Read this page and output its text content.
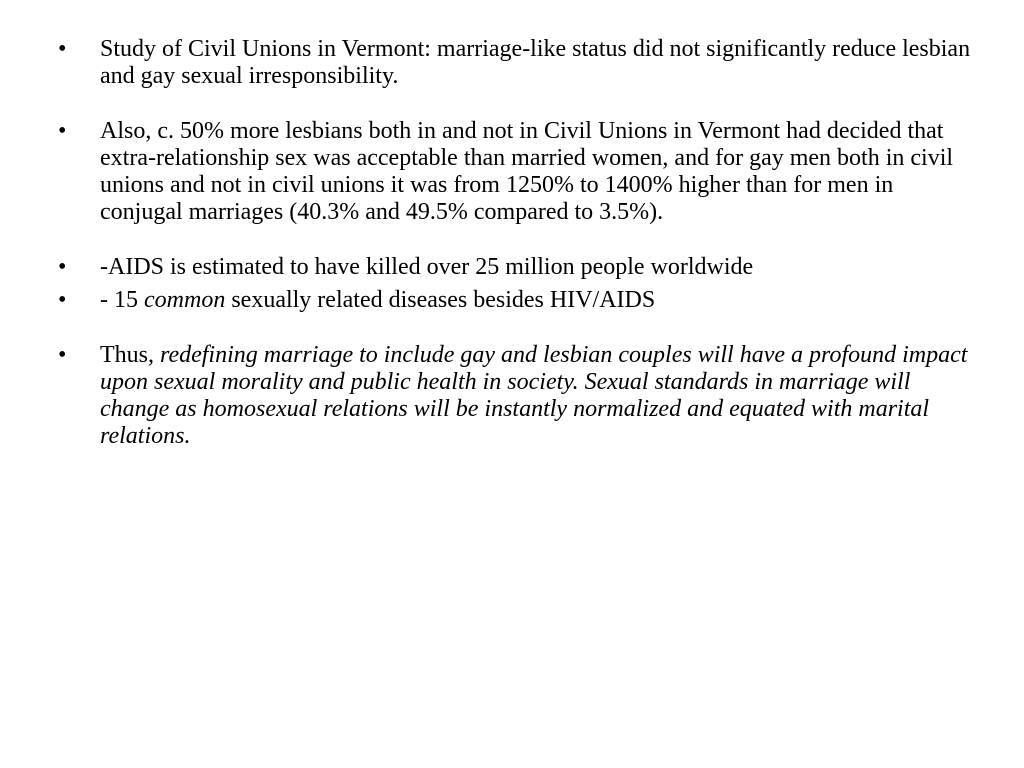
•	Study of Civil Unions in Vermont: marriage-like status did not significantly reduce lesbian and gay sexual irresponsibility.
•	Also, c. 50% more lesbians both in and not in Civil Unions in Vermont had decided that extra-relationship sex was acceptable than married women, and for gay men both in civil unions and not in civil unions it was from 1250% to 1400% higher than for men in conjugal marriages (40.3% and 49.5% compared to 3.5%).
•	-AIDS is estimated to have killed over 25 million people worldwide
•	- 15 common sexually related diseases besides HIV/AIDS
•	Thus, redefining marriage to include gay and lesbian couples will have a profound impact upon sexual morality and public health in society. Sexual standards in marriage will change as homosexual relations will be instantly normalized and equated with marital relations.
